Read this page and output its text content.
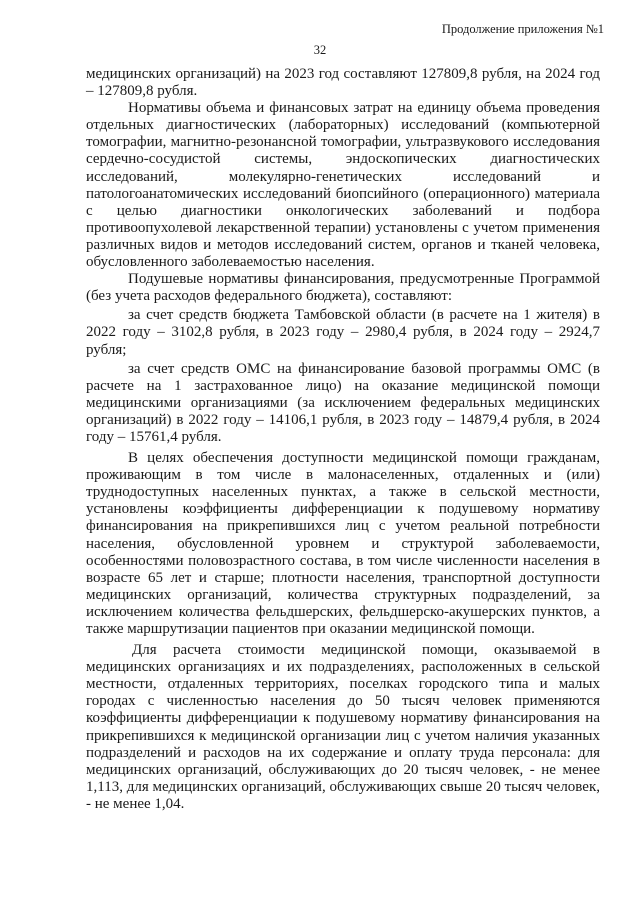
Продолжение приложения №1
32

медицинских организаций) на 2023 год составляют 127809,8 рубля, на 2024 год – 127809,8 рубля.

Нормативы объема и финансовых затрат на единицу объема проведения отдельных диагностических (лабораторных) исследований (компьютерной томографии, магнитно-резонансной томографии, ультразвукового исследования сердечно-сосудистой системы, эндоскопических диагностических исследований, молекулярно-генетических исследований и патологоанатомических исследований биопсийного (операционного) материала с целью диагностики онкологических заболеваний и подбора противоопухолевой лекарственной терапии) установлены с учетом применения различных видов и методов исследований систем, органов и тканей человека, обусловленного заболеваемостью населения.

Подушевые нормативы финансирования, предусмотренные Программой (без учета расходов федерального бюджета), составляют:

за счет средств бюджета Тамбовской области (в расчете на 1 жителя) в 2022 году – 3102,8 рубля, в 2023 году – 2980,4 рубля, в 2024 году – 2924,7 рубля;

за счет средств ОМС на финансирование базовой программы ОМС (в расчете на 1 застрахованное лицо) на оказание медицинской помощи медицинскими организациями (за исключением федеральных медицинских организаций) в 2022 году – 14106,1 рубля, в 2023 году – 14879,4 рубля, в 2024 году – 15761,4 рубля.

В целях обеспечения доступности медицинской помощи гражданам, проживающим в том числе в малонаселенных, отдаленных и (или) труднодоступных населенных пунктах, а также в сельской местности, установлены коэффициенты дифференциации к подушевому нормативу финансирования на прикрепившихся лиц с учетом реальной потребности населения, обусловленной уровнем и структурой заболеваемости, особенностями половозрастного состава, в том числе численности населения в возрасте 65 лет и старше; плотности населения, транспортной доступности медицинских организаций, количества структурных подразделений, за исключением количества фельдшерских, фельдшерско-акушерских пунктов, а также маршрутизации пациентов при оказании медицинской помощи.

Для расчета стоимости медицинской помощи, оказываемой в медицинских организациях и их подразделениях, расположенных в сельской местности, отдаленных территориях, поселках городского типа и малых городах с численностью населения до 50 тысяч человек применяются коэффициенты дифференциации к подушевому нормативу финансирования на прикрепившихся к медицинской организации лиц с учетом наличия указанных подразделений и расходов на их содержание и оплату труда персонала: для медицинских организаций, обслуживающих до 20 тысяч человек, - не менее 1,113, для медицинских организаций, обслуживающих свыше 20 тысяч человек, - не менее 1,04.
